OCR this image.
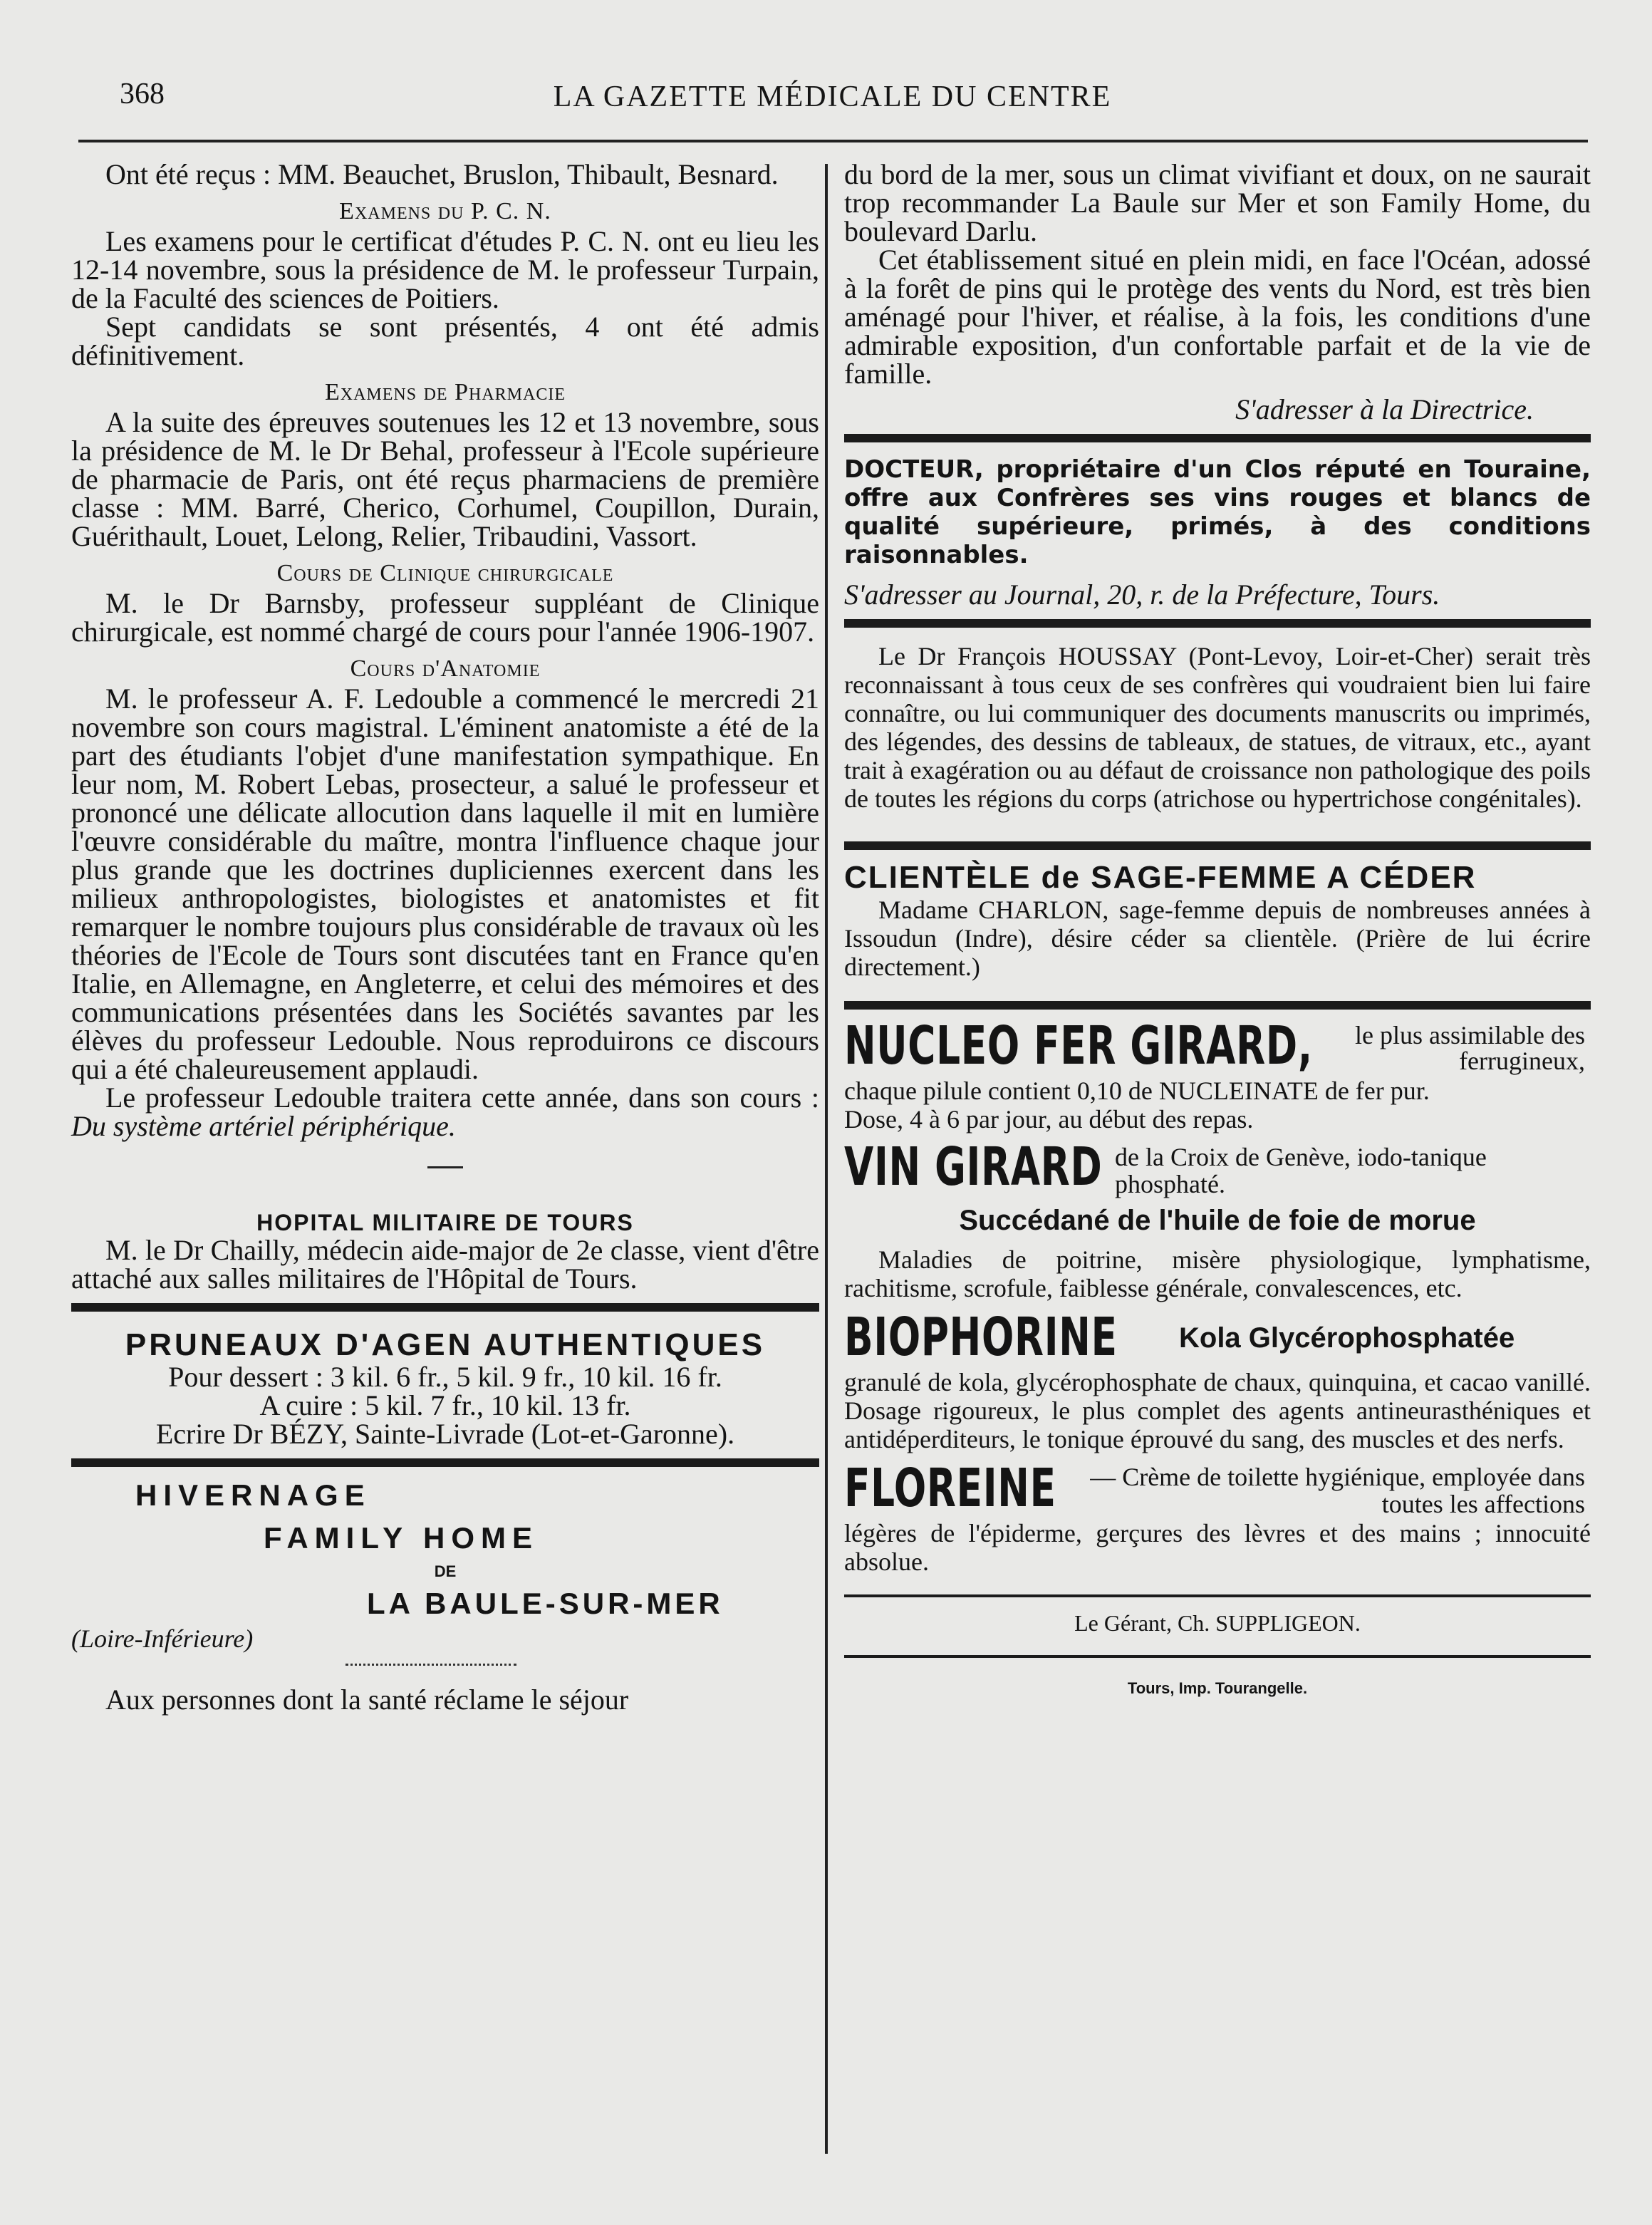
368	LA GAZETTE MÉDICALE DU CENTRE

Ont été reçus : MM. Beauchet, Bruslon, Thibault, Besnard.

Examens du P. C. N.

Les examens pour le certificat d'études P. C. N. ont eu lieu les 12-14 novembre, sous la présidence de M. le professeur Turpain, de la Faculté des sciences de Poitiers.

Sept candidats se sont présentés, 4 ont été admis définitivement.

Examens de Pharmacie

A la suite des épreuves soutenues les 12 et 13 novembre, sous la présidence de M. le Dr Behal, professeur à l'Ecole supérieure de pharmacie de Paris, ont été reçus pharmaciens de première classe : MM. Barré, Cherico, Corhumel, Coupillon, Durain, Guérithault, Louet, Lelong, Relier, Tribaudini, Vassort.

Cours de Clinique chirurgicale

M. le Dr Barnsby, professeur suppléant de Clinique chirurgicale, est nommé chargé de cours pour l'année 1906-1907.

Cours d'Anatomie

M. le professeur A. F. Ledouble a commencé le mercredi 21 novembre son cours magistral. L'éminent anatomiste a été de la part des étudiants l'objet d'une manifestation sympathique. En leur nom, M. Robert Lebas, prosecteur, a salué le professeur et prononcé une délicate allocution dans laquelle il mit en lumière l'œuvre considérable du maître, montra l'influence chaque jour plus grande que les doctrines dupliciennes exercent dans les milieux anthropologistes, biologistes et anatomistes et fit remarquer le nombre toujours plus considérable de travaux où les théories de l'Ecole de Tours sont discutées tant en France qu'en Italie, en Allemagne, en Angleterre, et celui des mémoires et des communications présentées dans les Sociétés savantes par les élèves du professeur Ledouble. Nous reproduirons ce discours qui a été chaleureusement applaudi.

Le professeur Ledouble traitera cette année, dans son cours : Du système artériel périphérique.

HOPITAL MILITAIRE DE TOURS

M. le Dr Chailly, médecin aide-major de 2e classe, vient d'être attaché aux salles militaires de l'Hôpital de Tours.

PRUNEAUX D'AGEN AUTHENTIQUES

Pour dessert : 3 kil. 6 fr., 5 kil. 9 fr., 10 kil. 16 fr.

A cuire : 5 kil. 7 fr., 10 kil. 13 fr.

Ecrire Dr BÉZY, Sainte-Livrade (Lot-et-Garonne).

HIVERNAGE
FAMILY HOME
DE
LA BAULE-SUR-MER
(Loire-Inférieure)

Aux personnes dont la santé réclame le séjour

du bord de la mer, sous un climat vivifiant et doux, on ne saurait trop recommander La Baule sur Mer et son Family Home, du boulevard Darlu.

Cet établissement situé en plein midi, en face l'Océan, adossé à la forêt de pins qui le protège des vents du Nord, est très bien aménagé pour l'hiver, et réalise, à la fois, les conditions d'une admirable exposition, d'un confortable parfait et de la vie de famille.

S'adresser à la Directrice.

DOCTEUR, propriétaire d'un Clos réputé en Touraine, offre aux Confrères ses vins rouges et blancs de qualité supérieure, primés, à des conditions raisonnables.

S'adresser au Journal, 20, r. de la Préfecture, Tours.

Le Dr François HOUSSAY (Pont-Levoy, Loir-et-Cher) serait très reconnaissant à tous ceux de ses confrères qui voudraient bien lui faire connaître, ou lui communiquer des documents manuscrits ou imprimés, des légendes, des dessins de tableaux, de statues, de vitraux, etc., ayant trait à exagération ou au défaut de croissance non pathologique des poils de toutes les régions du corps (atrichose ou hypertrichose congénitales).

CLIENTÈLE de SAGE-FEMME A CÉDER

Madame CHARLON, sage-femme depuis de nombreuses années à Issoudun (Indre), désire céder sa clientèle. (Prière de lui écrire directement.)

NUCLEO FER GIRARD,	le plus assimilable des ferrugineux,

chaque pilule contient 0,10 de NUCLEINATE de fer pur.

Dose, 4 à 6 par jour, au début des repas.

VIN GIRARD de la Croix de Genève, iodo-tanique phosphaté.
Succédané de l'huile de foie de morue

Maladies de poitrine, misère physiologique, lymphatisme, rachitisme, scrofule, faiblesse générale, convalescences, etc.

BIOPHORINE Kola Glycérophosphatée

granulé de kola, glycérophosphate de chaux, quinquina, et cacao vanillé. Dosage rigoureux, le plus complet des agents antineurasthéniques et antidéperditeurs, le tonique éprouvé du sang, des muscles et des nerfs.

FLOREINE — Crème de toilette hygiénique, employée dans toutes les affections

légères de l'épiderme, gerçures des lèvres et des mains ; innocuité absolue.

Le Gérant, Ch. SUPPLIGEON.
Tours, Imp. Tourangelle.
